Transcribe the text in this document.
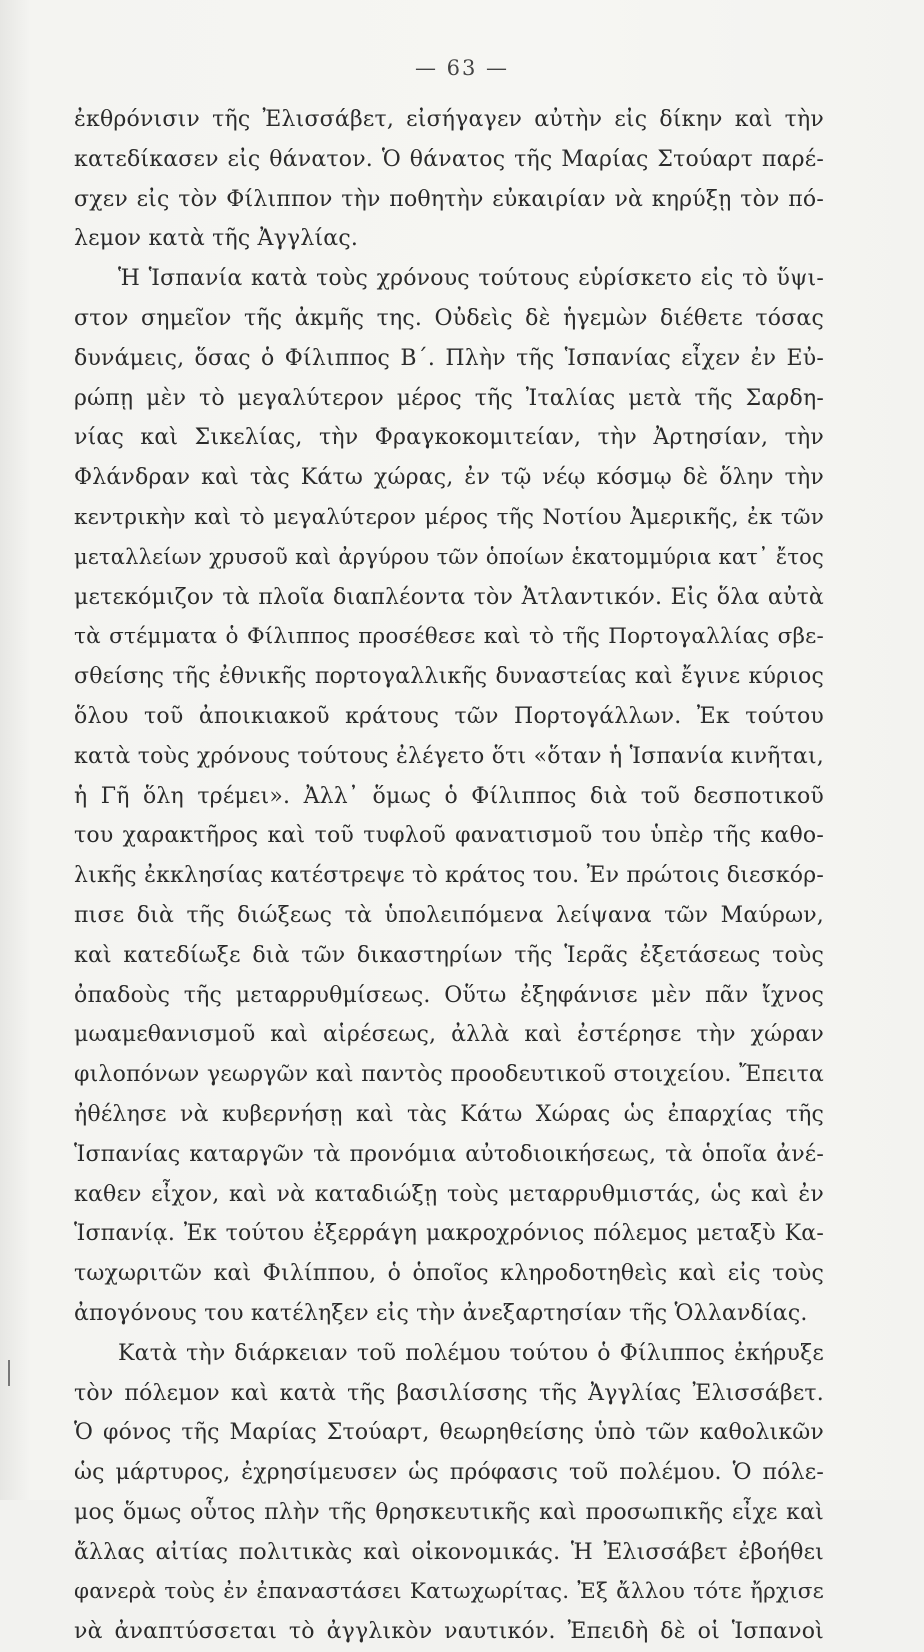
— 63 —
ἐκθρόνισιν τῆς Ἐλισσάβετ, εἰσήγαγεν αὐτὴν εἰς δίκην καὶ τὴν
κατεδίκασεν εἰς θάνατον. Ὁ θάνατος τῆς Μαρίας Στούαρτ παρέ-
σχεν εἰς τὸν Φίλιππον τὴν ποθητὴν εὐκαιρίαν νὰ κηρύξῃ τὸν πό-
λεμον κατὰ τῆς Ἀγγλίας.
Ἡ Ἱσπανία κατὰ τοὺς χρόνους τούτους εὑρίσκετο εἰς τὸ ὕψι-
στον σημεῖον τῆς ἀκμῆς της. Οὐδεὶς δὲ ἡγεμὼν διέθετε τόσας
δυνάμεις, ὅσας ὁ Φίλιππος Β΄. Πλὴν τῆς Ἱσπανίας εἶχεν ἐν Εὐ-
ρώπῃ μὲν τὸ μεγαλύτερον μέρος τῆς Ἰταλίας μετὰ τῆς Σαρδη-
νίας καὶ Σικελίας, τὴν Φραγκοκομιτείαν, τὴν Ἀρτησίαν, τὴν
Φλάνδραν καὶ τὰς Κάτω χώρας, ἐν τῷ νέῳ κόσμῳ δὲ ὅλην τὴν
κεντρικὴν καὶ τὸ μεγαλύτερον μέρος τῆς Νοτίου Ἀμερικῆς, ἐκ τῶν
μεταλλείων χρυσοῦ καὶ ἀργύρου τῶν ὁποίων ἑκατομμύρια κατ᾿ ἔτος
μετεκόμιζον τὰ πλοῖα διαπλέοντα τὸν Ἀτλαντικόν. Εἰς ὅλα αὐτὰ
τὰ στέμματα ὁ Φίλιππος προσέθεσε καὶ τὸ τῆς Πορτογαλλίας σβε-
σθείσης τῆς ἐθνικῆς πορτογαλλικῆς δυναστείας καὶ ἔγινε κύριος
ὅλου τοῦ ἀποικιακοῦ κράτους τῶν Πορτογάλλων. Ἐκ τούτου
κατὰ τοὺς χρόνους τούτους ἐλέγετο ὅτι «ὅταν ἡ Ἱσπανία κινῆται,
ἡ Γῆ ὅλη τρέμει». Ἀλλ᾿ ὅμως ὁ Φίλιππος διὰ τοῦ δεσποτικοῦ
του χαρακτῆρος καὶ τοῦ τυφλοῦ φανατισμοῦ του ὑπὲρ τῆς καθο-
λικῆς ἐκκλησίας κατέστρεψε τὸ κράτος του. Ἐν πρώτοις διεσκόρ-
πισε διὰ τῆς διώξεως τὰ ὑπολειπόμενα λείψανα τῶν Μαύρων,
καὶ κατεδίωξε διὰ τῶν δικαστηρίων τῆς Ἱερᾶς ἐξετάσεως τοὺς
ὀπαδοὺς τῆς μεταρρυθμίσεως. Οὕτω ἐξηφάνισε μὲν πᾶν ἴχνος
μωαμεθανισμοῦ καὶ αἱρέσεως, ἀλλὰ καὶ ἐστέρησε τὴν χώραν
φιλοπόνων γεωργῶν καὶ παντὸς προοδευτικοῦ στοιχείου. Ἔπειτα
ἠθέλησε νὰ κυβερνήσῃ καὶ τὰς Κάτω Χώρας ὡς ἐπαρχίας τῆς
Ἱσπανίας καταργῶν τὰ προνόμια αὐτοδιοικήσεως, τὰ ὁποῖα ἀνέ-
καθεν εἶχον, καὶ νὰ καταδιώξῃ τοὺς μεταρρυθμιστάς, ὡς καὶ ἐν
Ἱσπανίᾳ. Ἐκ τούτου ἐξερράγη μακροχρόνιος πόλεμος μεταξὺ Κα-
τωχωριτῶν καὶ Φιλίππου, ὁ ὁποῖος κληροδοτηθεὶς καὶ εἰς τοὺς
ἀπογόνους του κατέληξεν εἰς τὴν ἀνεξαρτησίαν τῆς Ὁλλανδίας.
Κατὰ τὴν διάρκειαν τοῦ πολέμου τούτου ὁ Φίλιππος ἐκήρυξε
τὸν πόλεμον καὶ κατὰ τῆς βασιλίσσης τῆς Ἀγγλίας Ἐλισσάβετ.
Ὁ φόνος τῆς Μαρίας Στούαρτ, θεωρηθείσης ὑπὸ τῶν καθολικῶν
ὡς μάρτυρος, ἐχρησίμευσεν ὡς πρόφασις τοῦ πολέμου. Ὁ πόλε-
μος ὅμως οὗτος πλὴν τῆς θρησκευτικῆς καὶ προσωπικῆς εἶχε καὶ
ἄλλας αἰτίας πολιτικὰς καὶ οἰκονομικάς. Ἡ Ἐλισσάβετ ἐβοήθει
φανερὰ τοὺς ἐν ἐπαναστάσει Κατωχωρίτας. Ἐξ ἄλλου τότε ἤρχισε
νὰ ἀναπτύσσεται τὸ ἀγγλικὸν ναυτικόν. Ἐπειδὴ δὲ οἱ Ἱσπανοὶ
